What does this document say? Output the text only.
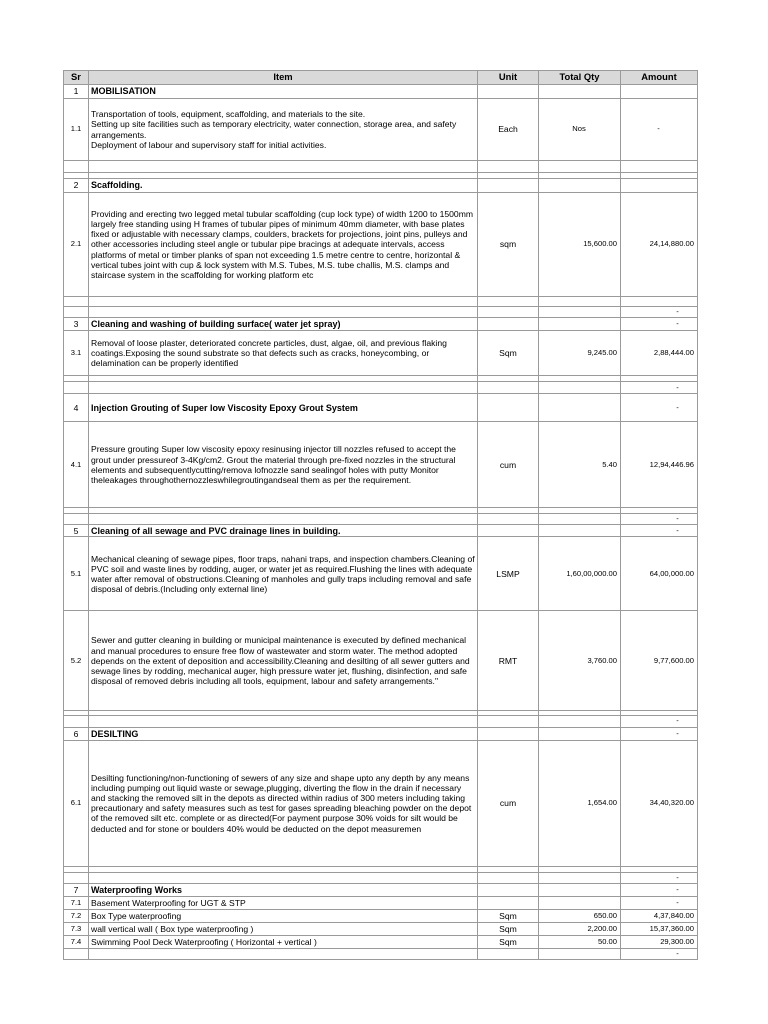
Sr	Item	Unit	Total Qty	Amount
1	MOBILISATION			
1.1	Transportation of tools, equipment, scaffolding, and materials to the site.
Setting up site facilities such as temporary electricity, water connection, storage area, and safety arrangements.
Deployment of labour and supervisory staff for initial activities.	Each	Nos	-

2	Scaffolding.			
2.1	Providing and erecting two legged metal tubular scaffolding (cup lock type) of width 1200 to 1500mm largely free standing using H frames of tubular pipes of minimum 40mm diameter, with base plates fixed or adjustable with necessary clamps, coulders, brackets for projections, joint pins, pulleys and other accessories including steel angle or tubular pipe bracings at adequate intervals, access platforms of metal or timber planks of span not exceeding 1.5 metre centre to centre, horizontal & vertical tubes joint with cup & lock system with M.S. Tubes, M.S. tube challis, M.S. clamps and staircase system in the scaffolding for working platform etc	sqm	15,600.00	24,14,880.00

				-
3	Cleaning and washing of building surface( water jet spray)			-
3.1	Removal of loose plaster, deteriorated concrete particles, dust, algae, oil, and previous flaking coatings.Exposing the sound substrate so that defects such as cracks, honeycombing, or delamination can be properly identified	Sqm	9,245.00	2,88,444.00

				-
4	Injection Grouting of Super low Viscosity Epoxy Grout System			-
4.1	Pressure grouting Super low viscosity epoxy resinusing injector till nozzles refused to accept the grout under pressureof 3-4Kg/cm2. Grout the material through pre-fixed nozzles in the structural elements and subsequentlycutting/remova lofnozzle sand sealingof holes with putty Monitor theleakages throughothernozzleswhilegroutingandseal them as per the requirement.	cum	5.40	12,94,446.96

				-
5	Cleaning of all sewage and PVC drainage lines in building.			-
5.1	Mechanical cleaning of sewage pipes, floor traps, nahani traps, and inspection chambers.Cleaning of PVC soil and waste lines by rodding, auger, or water jet as required.Flushing the lines with adequate water after removal of obstructions.Cleaning of manholes and gully traps including removal and safe disposal of debris.(Including only external line)	LSMP	1,60,00,000.00	64,00,000.00
5.2	Sewer and gutter cleaning in building or municipal maintenance is executed by defined mechanical and manual procedures to ensure free flow of wastewater and storm water. The method adopted depends on the extent of deposition and accessibility.Cleaning and desilting of all sewer gutters and sewage lines by rodding, mechanical auger, high pressure water jet, flushing, disinfection, and safe disposal of removed debris including all tools, equipment, labour and safety arrangements."	RMT	3,760.00	9,77,600.00

				-
6	DESILTING			-
6.1	Desilting functioning/non-functioning of sewers of any size and shape upto any depth by any means including pumping out liquid waste or sewage,plugging, diverting the flow in the drain if necessary and stacking the removed silt in the depots as directed within radius of 300 meters including taking precautionary and safety measures such as test for gases spreading bleaching powder on the depot of the removed silt etc. complete or as directed(For payment purpose 30% voids for silt would be deducted and for stone or boulders 40% would be deducted on the depot measuremen	cum	1,654.00	34,40,320.00

				-
7	Waterproofing Works			-
7.1	Basement Waterproofing for UGT & STP			-
7.2	Box Type waterproofing	Sqm	650.00	4,37,840.00
7.3	wall vertical wall ( Box type waterproofing )	Sqm	2,200.00	15,37,360.00
7.4	Swimming Pool Deck Waterproofing ( Horizontal + vertical )	Sqm	50.00	29,300.00
				-
